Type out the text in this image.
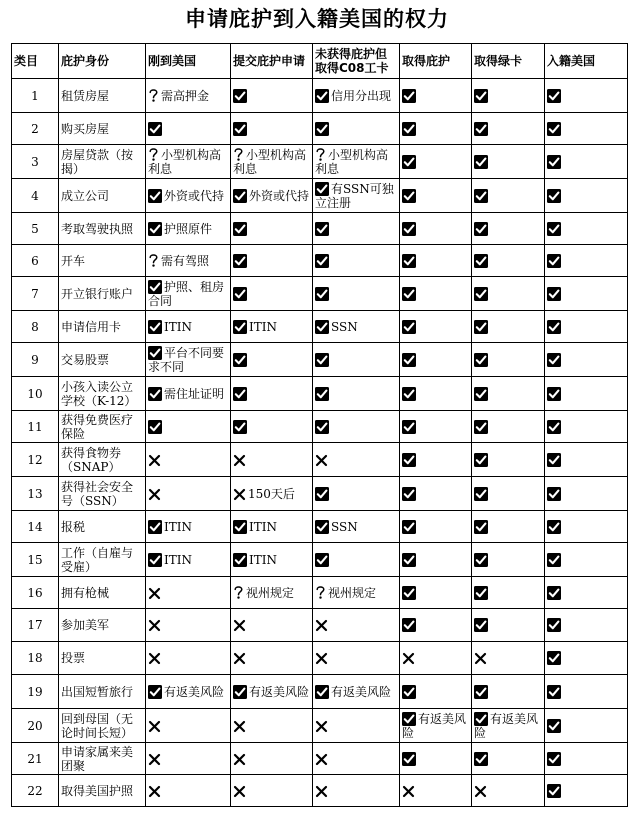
申请庇护到入籍美国的权力
类目	庇护身份	刚到美国	提交庇护申请	未获得庇护但取得C08工卡	取得庇护	取得绿卡	入籍美国
1	租赁房屋	需高押金		信用分出现	

2	购买房屋	

3	房屋贷款（按揭）	小型机构高利息	小型机构高利息	小型机构高利息	

4	成立公司	外资或代持	外资或代持	有SSN可独立注册	

5	考取驾驶执照	护照原件	

6	开车	需有驾照	

7	开立银行账户	护照、租房合同	

8	申请信用卡	ITIN	ITIN	SSN	

9	交易股票	平台不同要求不同	

10	小孩入读公立学校（K-12）	需住址证明	

11	获得免费医疗保险	

12	获得食物券（SNAP）	

13	获得社会安全号（SSN）		150天后	

14	报税	ITIN	ITIN	SSN	

15	工作（自雇与受雇）	ITIN	ITIN	

16	拥有枪械		视州规定	视州规定	

17	参加美军	

18	投票	

19	出国短暂旅行	有返美风险	有返美风险	有返美风险	

20	回到母国（无论时间长短）				有返美风险	有返美风险	

21	申请家属来美团聚	

22	取得美国护照	
